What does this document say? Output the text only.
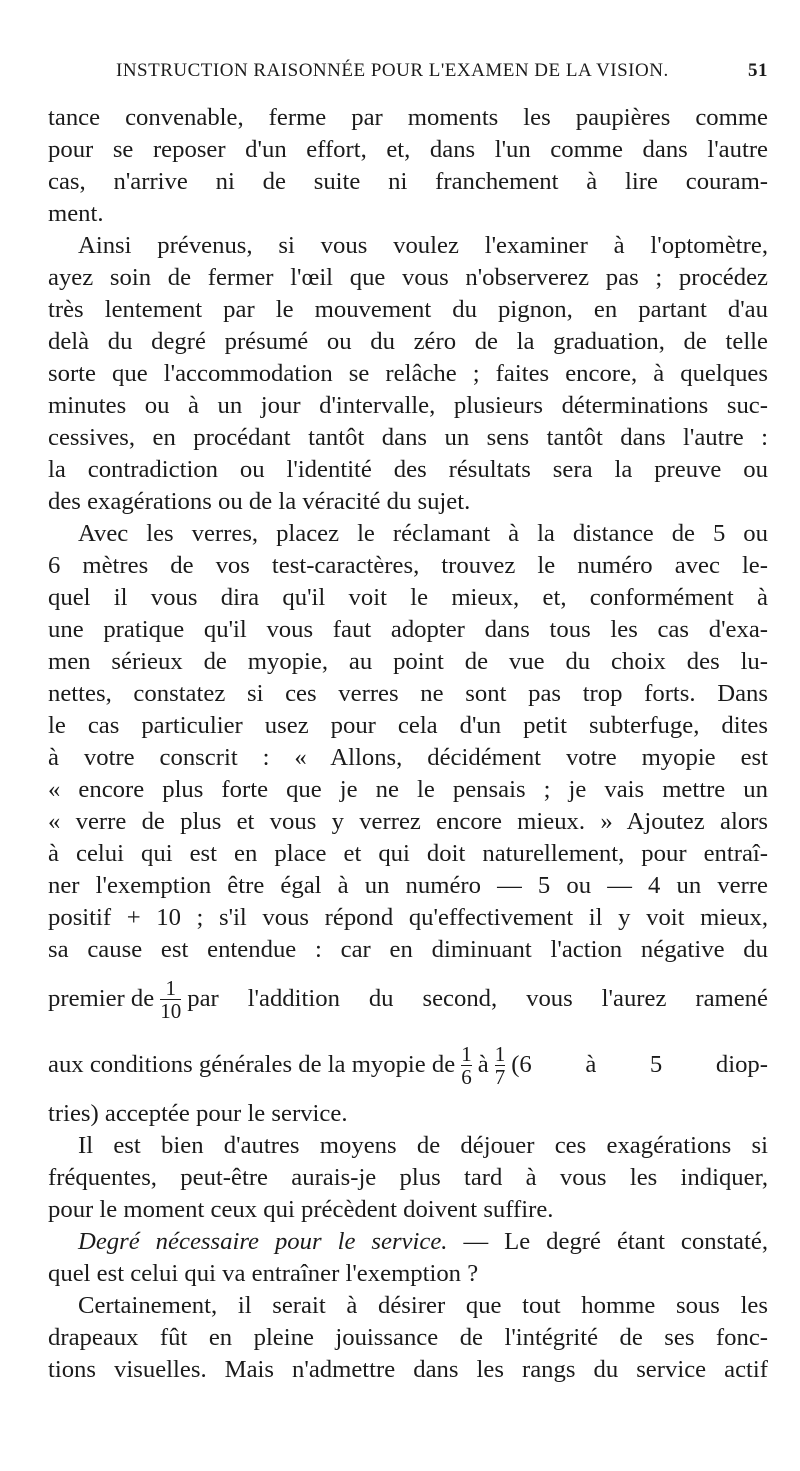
INSTRUCTION RAISONNÉE POUR L'EXAMEN DE LA VISION.	51
tance convenable, ferme par moments les paupières comme
pour se reposer d'un effort, et, dans l'un comme dans l'autre
cas, n'arrive ni de suite ni franchement à lire couram-
ment.
Ainsi prévenus, si vous voulez l'examiner à l'optomètre,
ayez soin de fermer l'œil que vous n'observerez pas ; procédez
très lentement par le mouvement du pignon, en partant d'au
delà du degré présumé ou du zéro de la graduation, de telle
sorte que l'accommodation se relâche ; faites encore, à quelques
minutes ou à un jour d'intervalle, plusieurs déterminations suc-
cessives, en procédant tantôt dans un sens tantôt dans l'autre :
la contradiction ou l'identité des résultats sera la preuve ou
des exagérations ou de la véracité du sujet.
Avec les verres, placez le réclamant à la distance de 5 ou
6 mètres de vos test-caractères, trouvez le numéro avec le-
quel il vous dira qu'il voit le mieux, et, conformément à
une pratique qu'il vous faut adopter dans tous les cas d'exa-
men sérieux de myopie, au point de vue du choix des lu-
nettes, constatez si ces verres ne sont pas trop forts. Dans
le cas particulier usez pour cela d'un petit subterfuge, dites
à votre conscrit : « Allons, décidément votre myopie est
« encore plus forte que je ne le pensais ; je vais mettre un
« verre de plus et vous y verrez encore mieux. » Ajoutez alors
à celui qui est en place et qui doit naturellement, pour entraî-
ner l'exemption être égal à un numéro — 5 ou — 4 un verre
positif + 10 ; s'il vous répond qu'effectivement il y voit mieux,
sa cause est entendue : car en diminuant l'action négative du
premier de $\frac{1}{10}$ par l'addition du second, vous l'aurez ramené
aux conditions générales de la myopie de $\frac{1}{6}$ à $\frac{1}{7} (6$ à 5 diop-
tries) acceptée pour le service.
Il est bien d'autres moyens de déjouer ces exagérations si
fréquentes, peut-être aurais-je plus tard à vous les indiquer,
pour le moment ceux qui précèdent doivent suffire.
Degré nécessaire pour le service. — Le degré étant constaté,
quel est celui qui va entraîner l'exemption ?
Certainement, il serait à désirer que tout homme sous les
drapeaux fût en pleine jouissance de l'intégrité de ses fonc-
tions visuelles. Mais n'admettre dans les rangs du service actif
